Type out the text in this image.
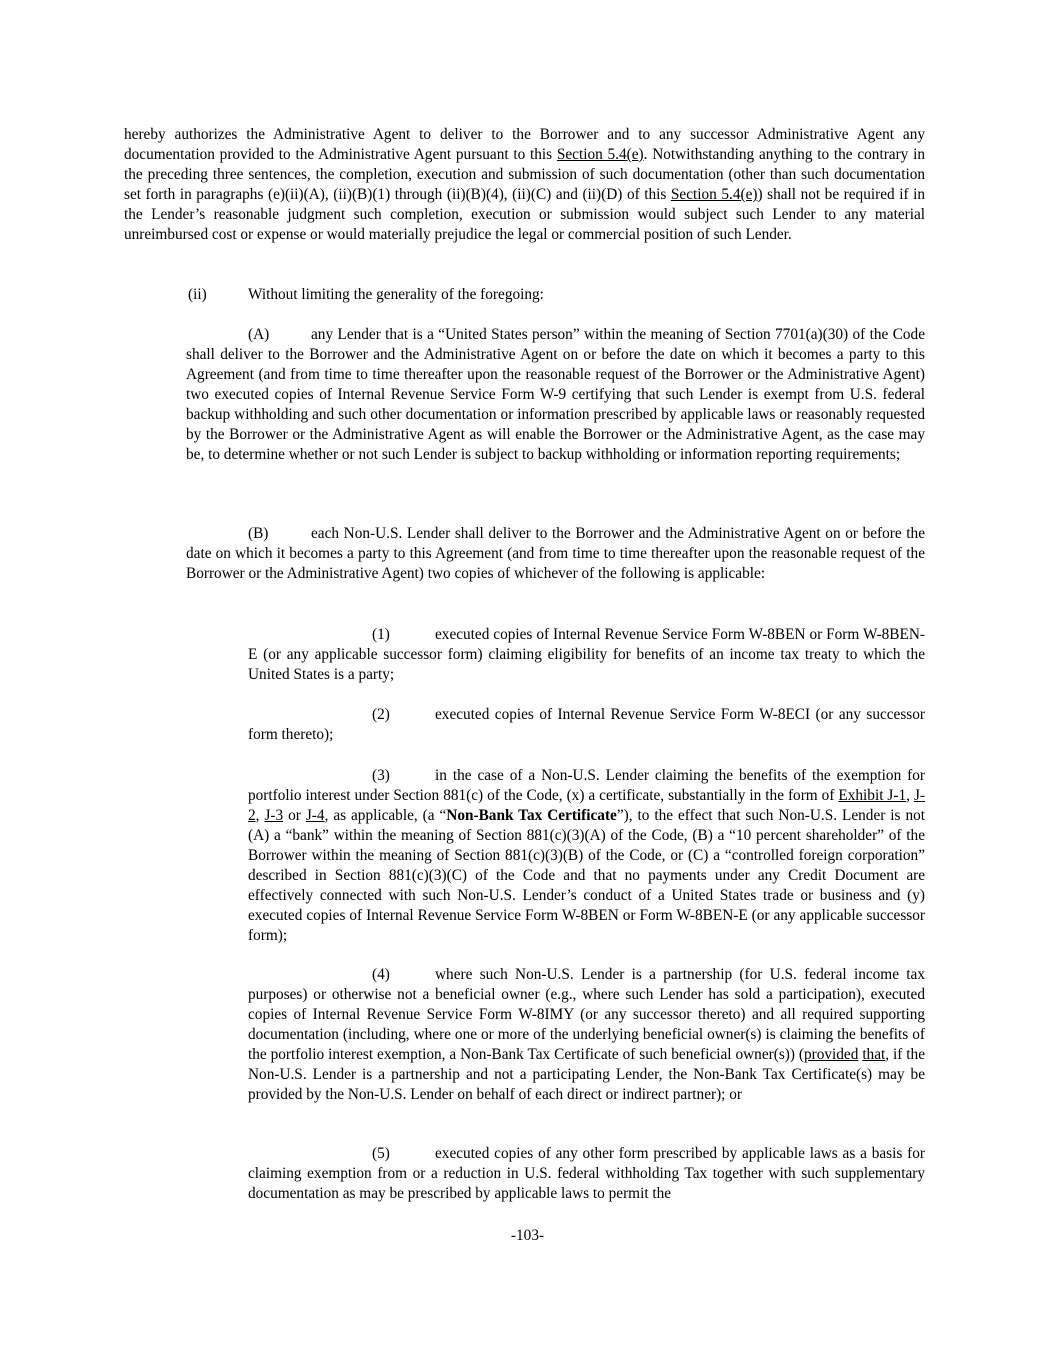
hereby authorizes the Administrative Agent to deliver to the Borrower and to any successor Administrative Agent any documentation provided to the Administrative Agent pursuant to this Section 5.4(e). Notwithstanding anything to the contrary in the preceding three sentences, the completion, execution and submission of such documentation (other than such documentation set forth in paragraphs (e)(ii)(A), (ii)(B)(1) through (ii)(B)(4), (ii)(C) and (ii)(D) of this Section 5.4(e)) shall not be required if in the Lender’s reasonable judgment such completion, execution or submission would subject such Lender to any material unreimbursed cost or expense or would materially prejudice the legal or commercial position of such Lender.

(ii)	Without limiting the generality of the foregoing:

(A)	any Lender that is a “United States person” within the meaning of Section 7701(a)(30) of the Code shall deliver to the Borrower and the Administrative Agent on or before the date on which it becomes a party to this Agreement (and from time to time thereafter upon the reasonable request of the Borrower or the Administrative Agent) two executed copies of Internal Revenue Service Form W-9 certifying that such Lender is exempt from U.S. federal backup withholding and such other documentation or information prescribed by applicable laws or reasonably requested by the Borrower or the Administrative Agent as will enable the Borrower or the Administrative Agent, as the case may be, to determine whether or not such Lender is subject to backup withholding or information reporting requirements;

(B)	each Non-U.S. Lender shall deliver to the Borrower and the Administrative Agent on or before the date on which it becomes a party to this Agreement (and from time to time thereafter upon the reasonable request of the Borrower or the Administrative Agent) two copies of whichever of the following is applicable:

(1)	executed copies of Internal Revenue Service Form W-8BEN or Form W-8BEN-E (or any applicable successor form) claiming eligibility for benefits of an income tax treaty to which the United States is a party;

(2)	executed copies of Internal Revenue Service Form W-8ECI (or any successor form thereto);

(3)	in the case of a Non-U.S. Lender claiming the benefits of the exemption for portfolio interest under Section 881(c) of the Code, (x) a certificate, substantially in the form of Exhibit J-1, J-2, J-3 or J-4, as applicable, (a “Non-Bank Tax Certificate”), to the effect that such Non-U.S. Lender is not (A) a “bank” within the meaning of Section 881(c)(3)(A) of the Code, (B) a “10 percent shareholder” of the Borrower within the meaning of Section 881(c)(3)(B) of the Code, or (C) a “controlled foreign corporation” described in Section 881(c)(3)(C) of the Code and that no payments under any Credit Document are effectively connected with such Non-U.S. Lender’s conduct of a United States trade or business and (y) executed copies of Internal Revenue Service Form W-8BEN or Form W-8BEN-E (or any applicable successor form);

(4)	where such Non-U.S. Lender is a partnership (for U.S. federal income tax purposes) or otherwise not a beneficial owner (e.g., where such Lender has sold a participation), executed copies of Internal Revenue Service Form W-8IMY (or any successor thereto) and all required supporting documentation (including, where one or more of the underlying beneficial owner(s) is claiming the benefits of the portfolio interest exemption, a Non-Bank Tax Certificate of such beneficial owner(s)) (provided that, if the Non-U.S. Lender is a partnership and not a participating Lender, the Non-Bank Tax Certificate(s) may be provided by the Non-U.S. Lender on behalf of each direct or indirect partner); or

(5)	executed copies of any other form prescribed by applicable laws as a basis for claiming exemption from or a reduction in U.S. federal withholding Tax together with such supplementary documentation as may be prescribed by applicable laws to permit the

-103-
